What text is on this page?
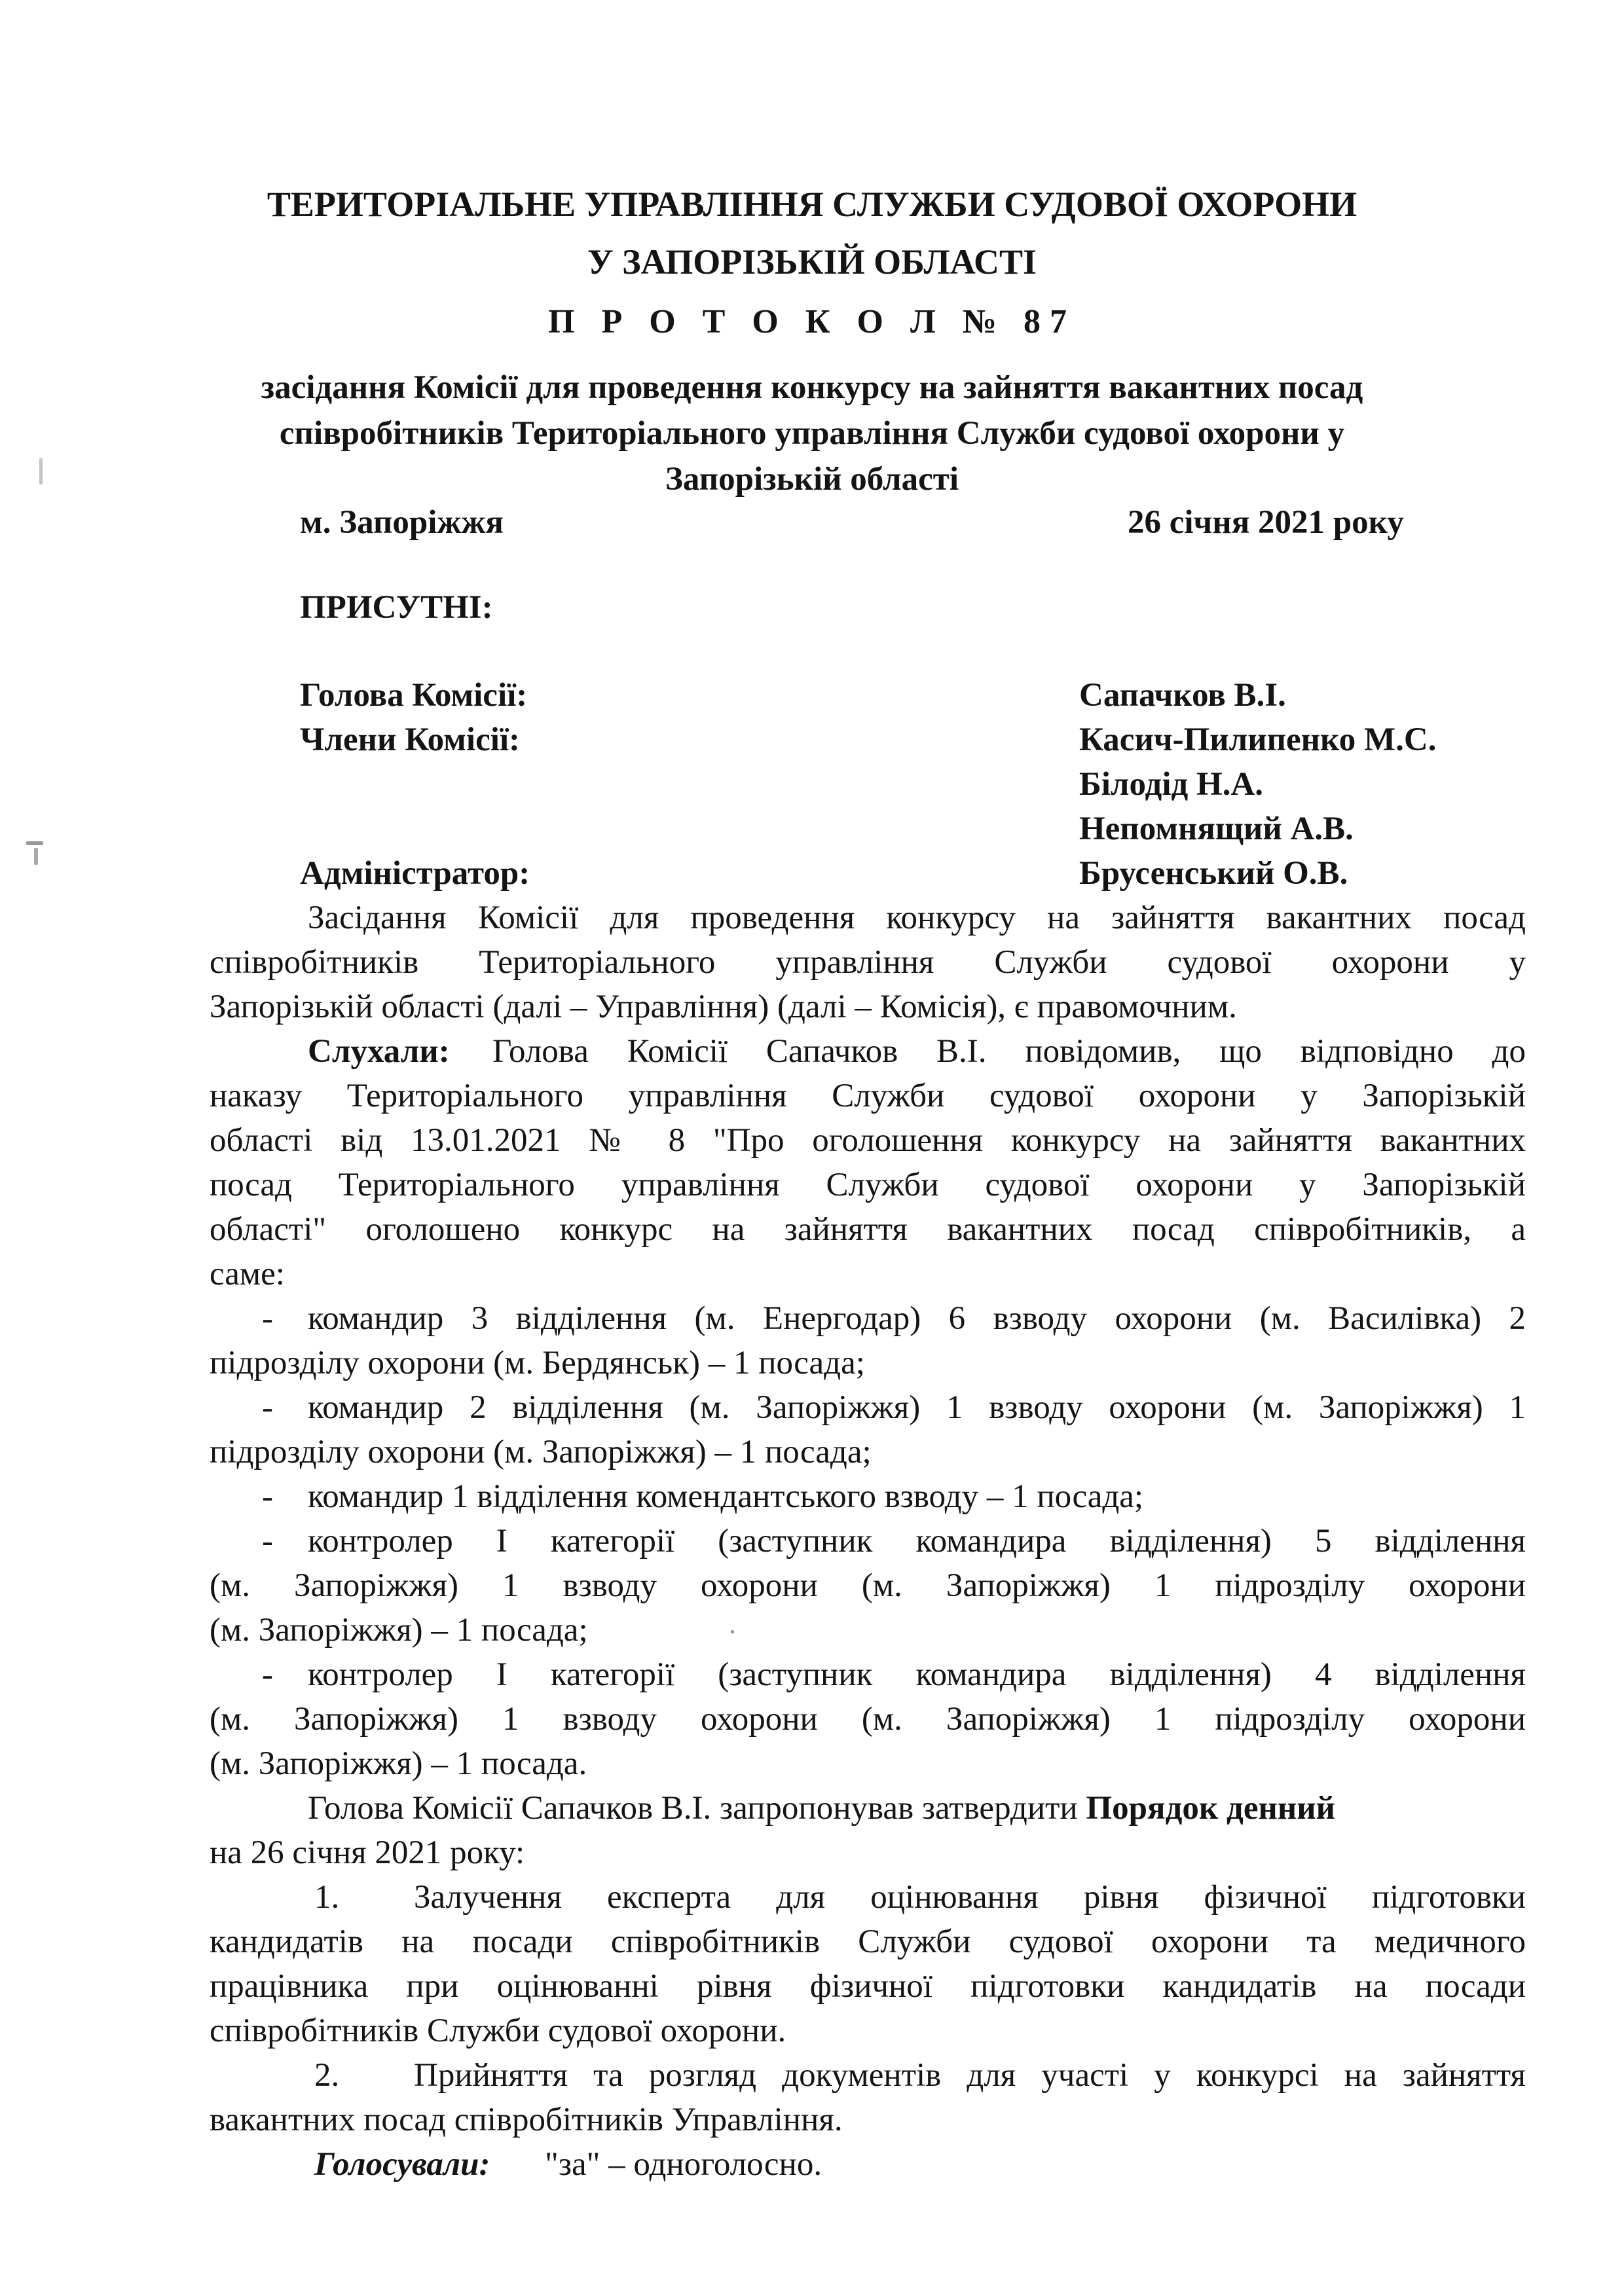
ТЕРИТОРІАЛЬНЕ УПРАВЛІННЯ СЛУЖБИ СУДОВОЇ ОХОРОНИ
У ЗАПОРІЗЬКІЙ ОБЛАСТІ
П Р О Т О К О Л № 87
засідання Комісії для проведення конкурсу на зайняття вакантних посад
співробітників Територіального управління Служби судової охорони у
Запорізькій області
м. Запоріжжя	26 січня 2021 року
ПРИСУТНІ:
Голова Комісії:	Сапачков В.І.
Члени Комісії:	Касич-Пилипенко М.С.
Білодід Н.А.
Непомнящий А.В.
Адміністратор:	Брусенський О.В.
Засідання Комісії для проведення конкурсу на зайняття вакантних посад
співробітників Територіального управління Служби судової охорони у
Запорізькій області (далі – Управління) (далі – Комісія), є правомочним.
Слухали: Голова Комісії Сапачков В.І. повідомив, що відповідно до
наказу Територіального управління Служби судової охорони у Запорізькій
області від 13.01.2021 № 8 "Про оголошення конкурсу на зайняття вакантних
посад Територіального управління Служби судової охорони у Запорізькій
області" оголошено конкурс на зайняття вакантних посад співробітників, а
саме:
- командир 3 відділення (м. Енергодар) 6 взводу охорони (м. Василівка) 2
підрозділу охорони (м. Бердянськ) – 1 посада;
- командир 2 відділення (м. Запоріжжя) 1 взводу охорони (м. Запоріжжя) 1
підрозділу охорони (м. Запоріжжя) – 1 посада;
- командир 1 відділення комендантського взводу – 1 посада;
- контролер І категорії (заступник командира відділення) 5 відділення
(м. Запоріжжя) 1 взводу охорони (м. Запоріжжя) 1 підрозділу охорони
(м. Запоріжжя) – 1 посада;
- контролер І категорії (заступник командира відділення) 4 відділення
(м. Запоріжжя) 1 взводу охорони (м. Запоріжжя) 1 підрозділу охорони
(м. Запоріжжя) – 1 посада.
Голова Комісії Сапачков В.І. запропонував затвердити Порядок денний
на 26 січня 2021 року:
1. Залучення експерта для оцінювання рівня фізичної підготовки
кандидатів на посади співробітників Служби судової охорони та медичного
працівника при оцінюванні рівня фізичної підготовки кандидатів на посади
співробітників Служби судової охорони.
2. Прийняття та розгляд документів для участі у конкурсі на зайняття
вакантних посад співробітників Управління.
Голосували: "за" – одноголосно.
